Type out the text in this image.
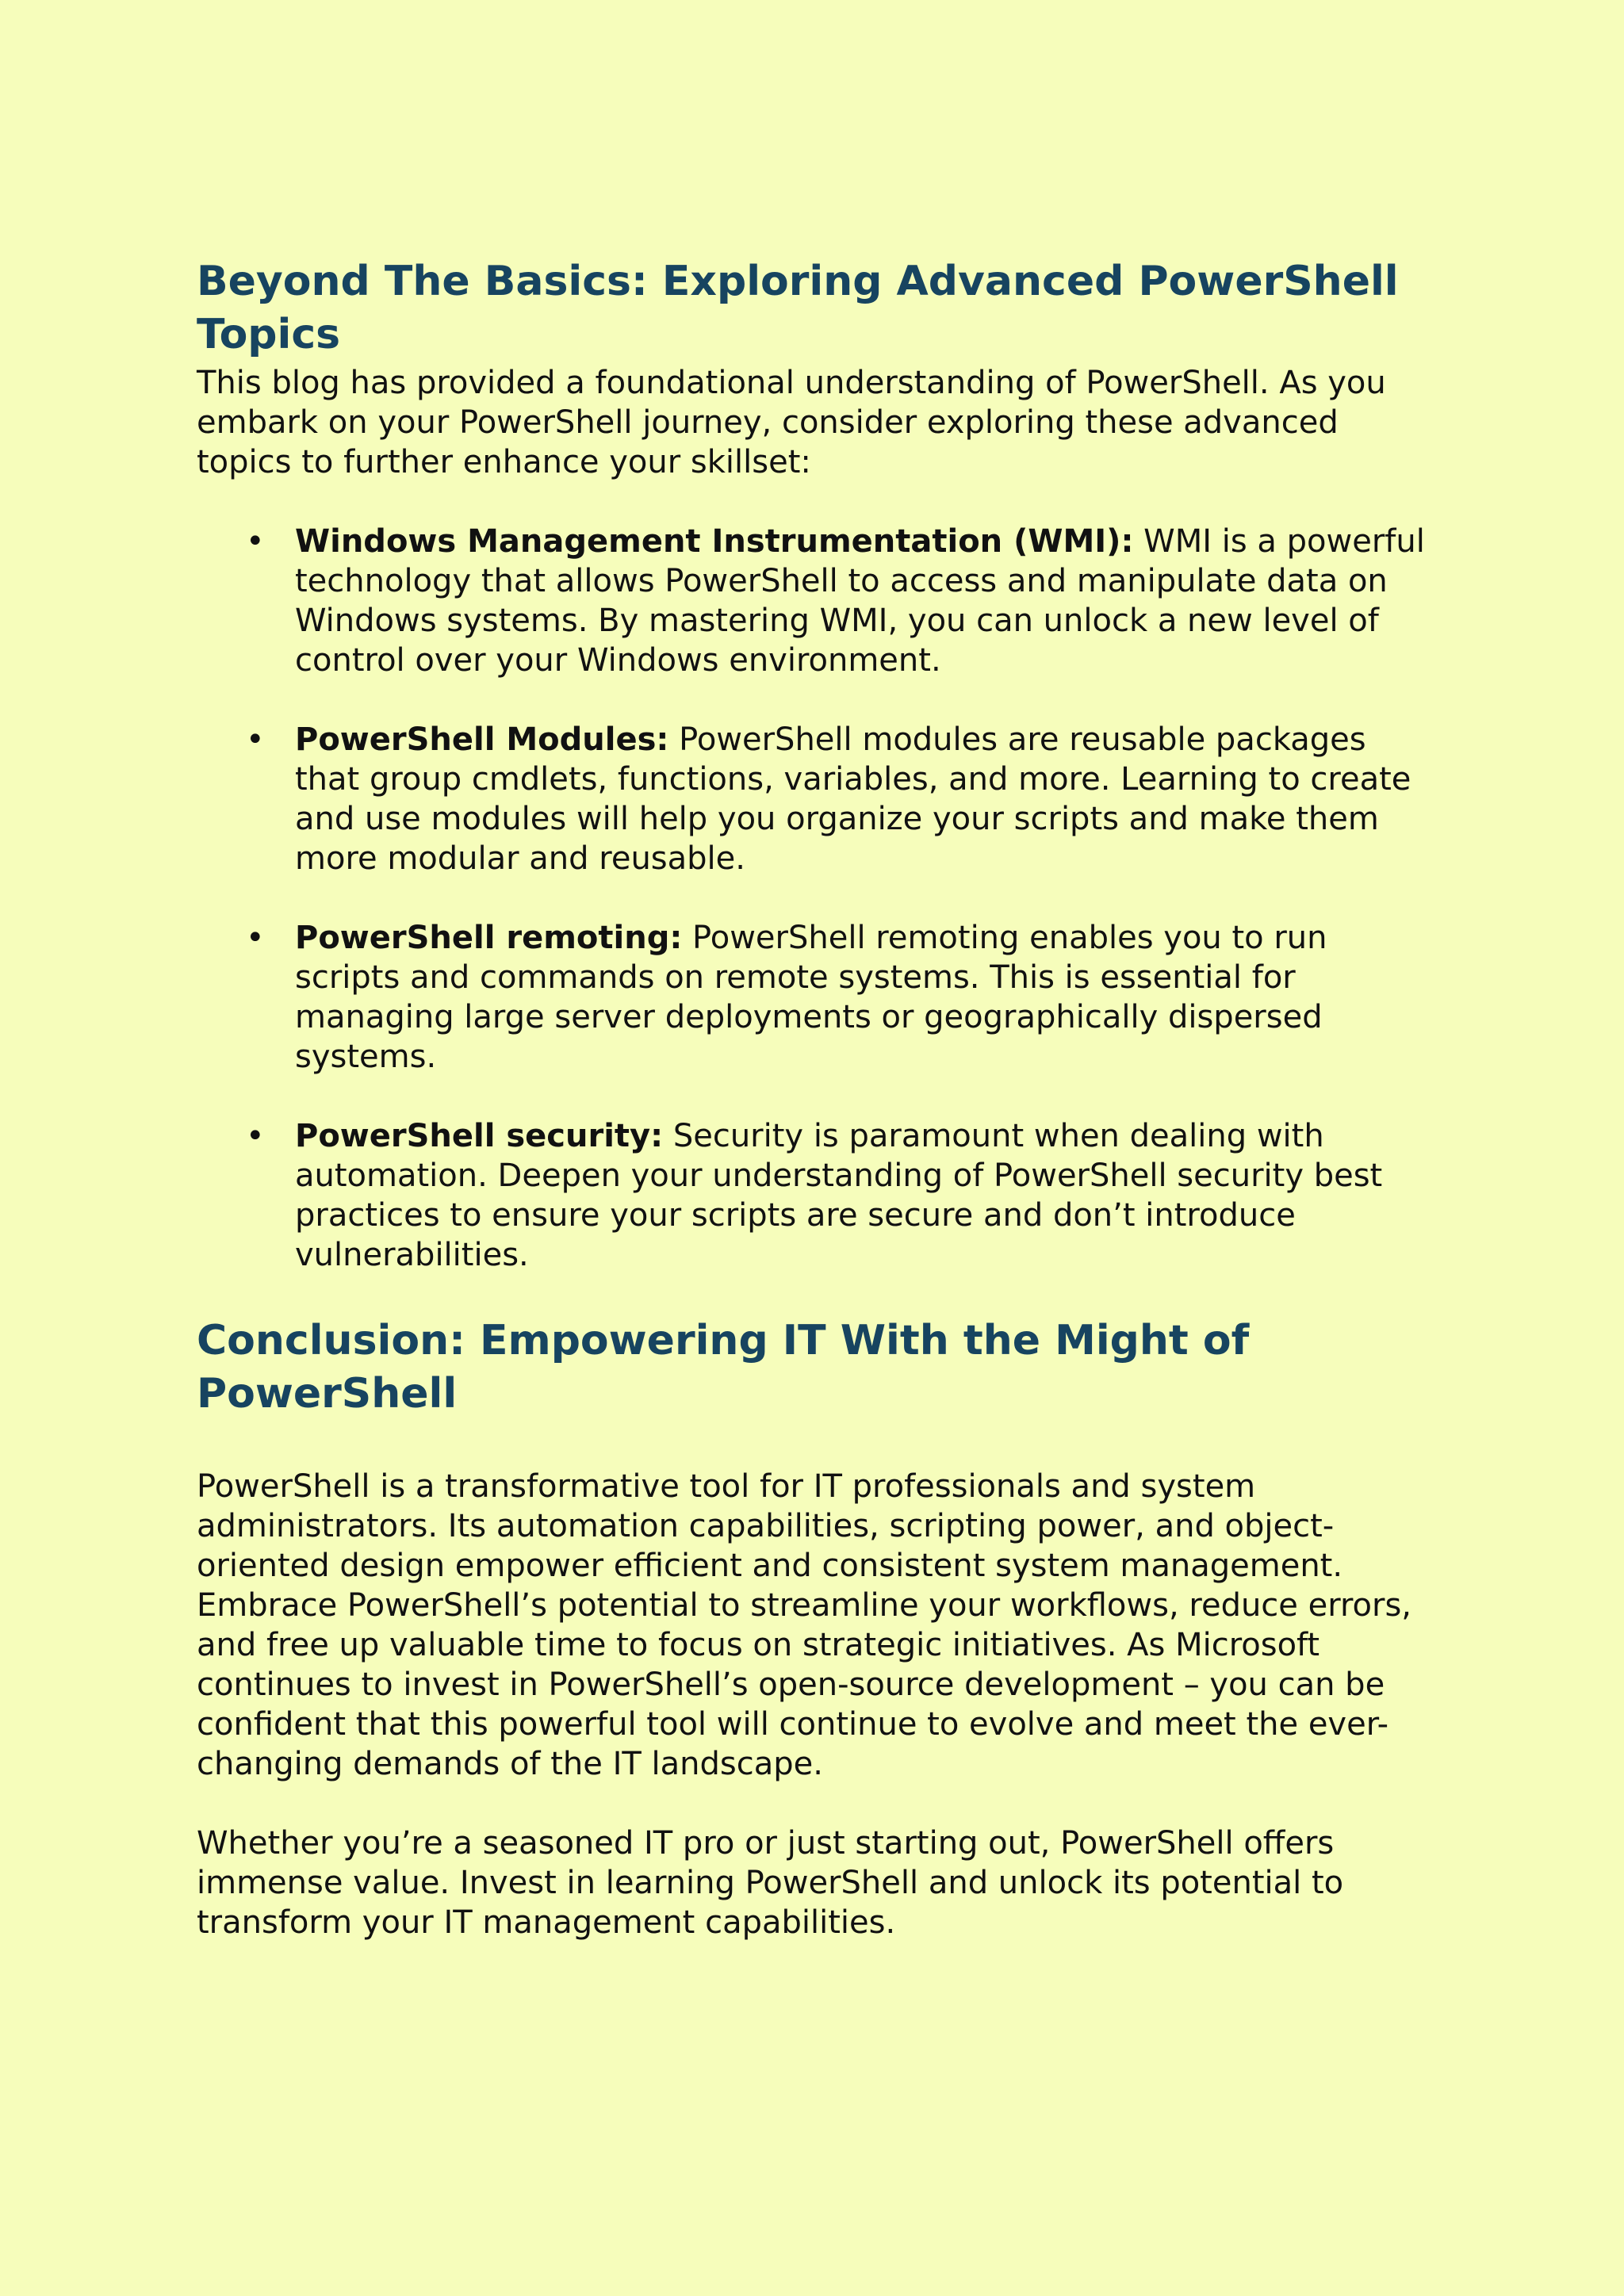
Beyond The Basics: Exploring Advanced PowerShell Topics

This blog has provided a foundational understanding of PowerShell. As you embark on your PowerShell journey, consider exploring these advanced topics to further enhance your skillset:

• Windows Management Instrumentation (WMI): WMI is a powerful technology that allows PowerShell to access and manipulate data on Windows systems. By mastering WMI, you can unlock a new level of control over your Windows environment.
• PowerShell Modules: PowerShell modules are reusable packages that group cmdlets, functions, variables, and more. Learning to create and use modules will help you organize your scripts and make them more modular and reusable.
• PowerShell remoting: PowerShell remoting enables you to run scripts and commands on remote systems. This is essential for managing large server deployments or geographically dispersed systems.
• PowerShell security: Security is paramount when dealing with automation. Deepen your understanding of PowerShell security best practices to ensure your scripts are secure and don’t introduce vulnerabilities.
Conclusion: Empowering IT With the Might of PowerShell

PowerShell is a transformative tool for IT professionals and system administrators. Its automation capabilities, scripting power, and object-oriented design empower efficient and consistent system management. Embrace PowerShell’s potential to streamline your workflows, reduce errors, and free up valuable time to focus on strategic initiatives. As Microsoft continues to invest in PowerShell’s open-source development – you can be confident that this powerful tool will continue to evolve and meet the ever-changing demands of the IT landscape.

Whether you’re a seasoned IT pro or just starting out, PowerShell offers immense value. Invest in learning PowerShell and unlock its potential to transform your IT management capabilities.
